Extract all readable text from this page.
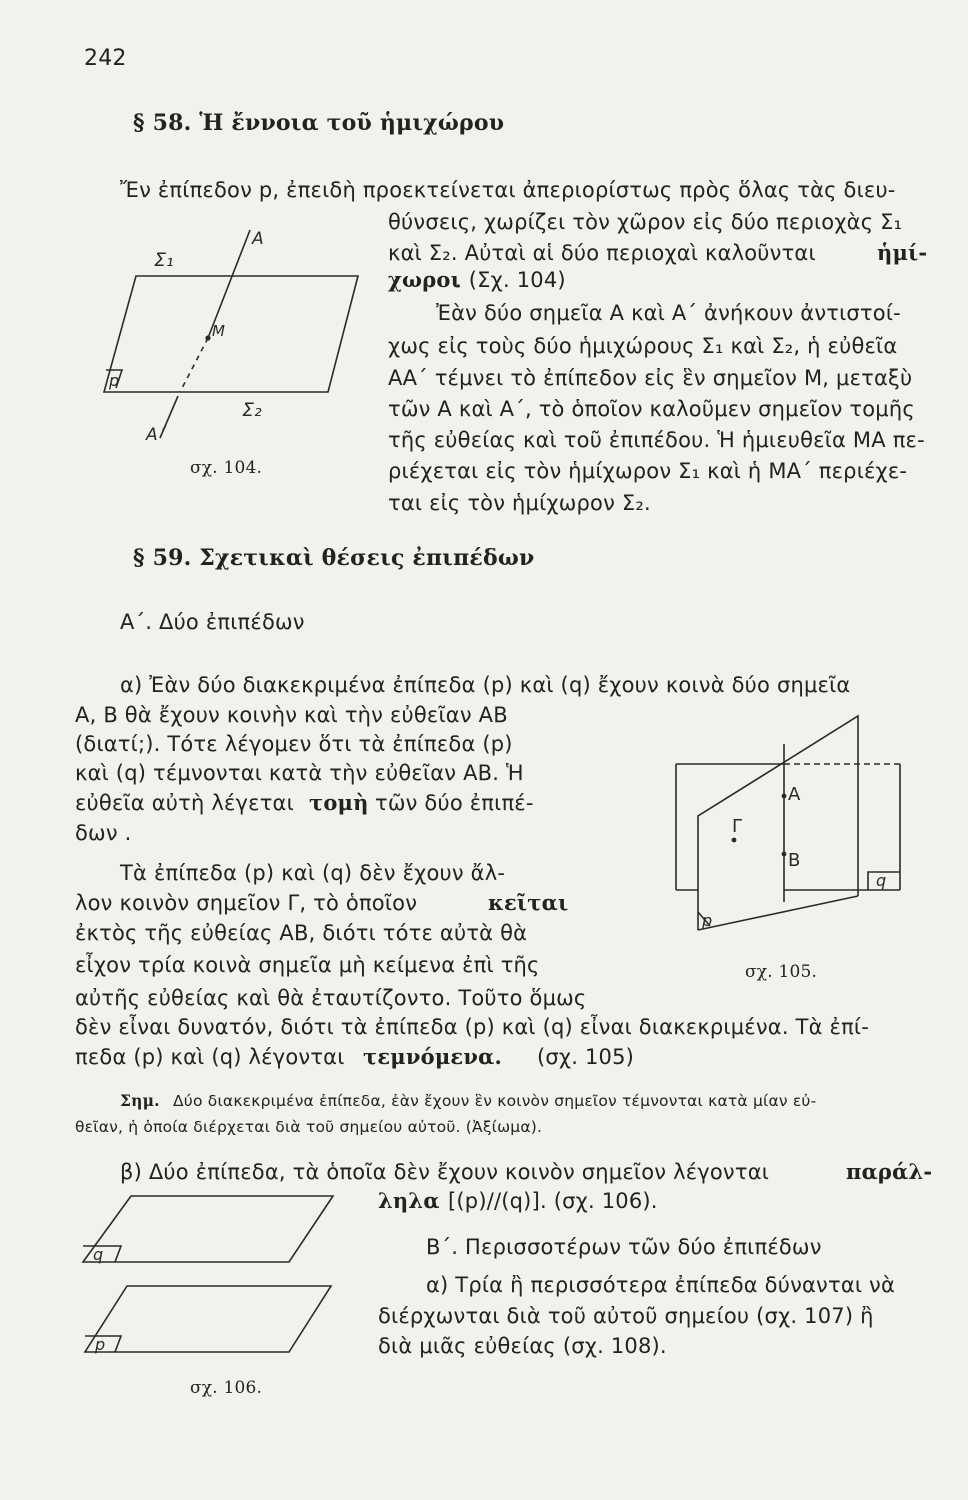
242
§ 58. Ἡ ἔννοια τοῦ ἡμιχώρου
Ἔν ἐπίπεδον p, ἐπειδὴ προεκτείνεται ἀπεριορίστως πρὸς ὅλας τὰς διευ-
θύνσεις, χωρίζει τὸν χῶρον εἰς δύο περιοχὰς Σ₁
καὶ Σ₂. Αὐταὶ αἱ δύο περιοχαὶ καλοῦνται	ἡμί-
χωροι
. (Σχ. 104)
Ἐὰν δύο σημεῖα Α καὶ Α΄ ἀνήκουν ἀντιστοί-
χως εἰς τοὺς δύο ἡμιχώρους Σ₁ καὶ Σ₂, ἡ εὐθεῖα
ΑΑ΄ τέμνει τὸ ἐπίπεδον εἰς ἓν σημεῖον Μ, μεταξὺ
τῶν Α καὶ Α΄, τὸ ὁποῖον καλοῦμεν σημεῖον τομῆς
τῆς εὐθείας καὶ τοῦ ἐπιπέδου. Ἡ ἡμιευθεῖα ΜΑ πε-
ριέχεται εἰς τὸν ἡμίχωρον Σ₁ καὶ ἡ ΜΑ΄ περιέχε-
ται εἰς τὸν ἡμίχωρον Σ₂.
Σ₁
Α
Μ
p
Σ₂
Α΄
σχ. 104.
§ 59. Σχετικαὶ θέσεις ἐπιπέδων
Α΄. Δύο ἐπιπέδων
α) Ἐὰν δύο διακεκριμένα ἐπίπεδα (p) καὶ (q) ἔχουν κοινὰ δύο σημεῖα
Α, Β θὰ ἔχουν κοινὴν καὶ τὴν εὐθεῖαν ΑΒ
(διατί;). Τότε λέγομεν ὅτι τὰ ἐπίπεδα (p)
καὶ (q) τέμνονται κατὰ τὴν εὐθεῖαν ΑΒ. Ἡ
εὐθεῖα αὐτὴ λέγεται τομὴ τῶν δύο ἐπιπέ-
δων .
Τὰ ἐπίπεδα (p) καὶ (q) δὲν ἔχουν ἄλ-
λον κοινὸν σημεῖον Γ, τὸ ὁποῖον	κεῖται
ἐκτὸς τῆς εὐθείας ΑΒ, διότι τότε αὐτὰ θὰ
εἶχον τρία κοινὰ σημεῖα μὴ κείμενα ἐπὶ τῆς
αὐτῆς εὐθείας καὶ θὰ ἐταυτίζοντο. Τοῦτο ὅμως
δὲν εἶναι δυνατόν, διότι τὰ ἐπίπεδα (p) καὶ (q) εἶναι διακεκριμένα. Τὰ ἐπί-
πεδα (p) καὶ (q) λέγονται τεμνόμενα. (σχ. 105)
Σημ. Δύο διακεκριμένα ἐπίπεδα, ἐὰν ἔχουν ἓν κοινὸν σημεῖον τέμνονται κατὰ μίαν εὐ-
θεῖαν, ἡ ὁποία διέρχεται διὰ τοῦ σημείου αὐτοῦ. (Ἀξίωμα).
β) Δύο ἐπίπεδα, τὰ ὁποῖα δὲν ἔχουν κοινὸν σημεῖον λέγονται	παράλ-
ληλα [(p)//(q)]. (σχ. 106).
Β΄. Περισσοτέρων τῶν δύο ἐπιπέδων
α) Τρία ἢ περισσότερα ἐπίπεδα δύνανται νὰ
διέρχωνται διὰ τοῦ αὐτοῦ σημείου (σχ. 107) ἢ
διὰ μιᾶς εὐθείας (σχ. 108).
Α
Γ
Β
q
p
σχ. 105.
q
p
σχ. 106.
